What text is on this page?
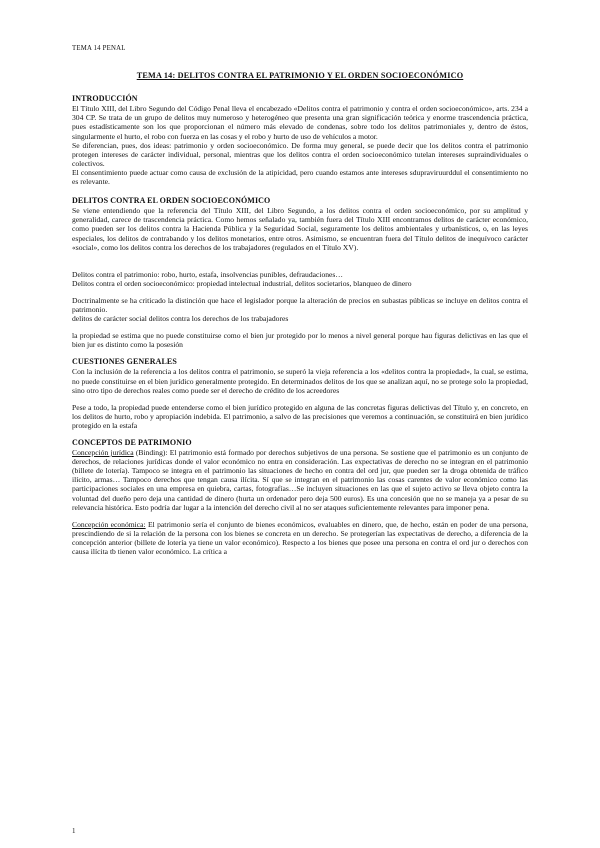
TEMA 14 PENAL
TEMA 14: DELITOS CONTRA EL PATRIMONIO Y EL ORDEN SOCIOECONÓMICO
INTRODUCCIÓN

El Título XIII, del Libro Segundo del Código Penal lleva el encabezado «Delitos contra el patrimonio y contra el orden socioeconómico», arts. 234 a 304 CP. Se trata de un grupo de delitos muy numeroso y heterogéneo que presenta una gran significación teórica y enorme trascendencia práctica, pues estadísticamente son los que proporcionan el número más elevado de condenas, sobre todo los delitos patrimoniales y, dentro de éstos, singularmente el hurto, el robo con fuerza en las cosas y el robo y hurto de uso de vehículos a motor.

Se diferencian, pues, dos ideas: patrimonio y orden socioeconómico. De forma muy general, se puede decir que los delitos contra el patrimonio protegen intereses de carácter individual, personal, mientras que los delitos contra el orden socioeconómico tutelan intereses supraindividuales o colectivos.

El consentimiento puede actuar como causa de exclusión de la atipicidad, pero cuando estamos ante intereses sdupraviruurddul el consentimiento no es relevante.

DELITOS CONTRA EL ORDEN SOCIOECONÓMICO

Se viene entendiendo que la referencia del Título XIII, del Libro Segundo, a los delitos contra el orden socioeconómico, por su amplitud y generalidad, carece de trascendencia práctica. Como hemos señalado ya, también fuera del Título XIII encontramos delitos de carácter económico, como pueden ser los delitos contra la Hacienda Pública y la Seguridad Social, seguramente los delitos ambientales y urbanísticos, o, en las leyes especiales, los delitos de contrabando y los delitos monetarios, entre otros. Asimismo, se encuentran fuera del Título delitos de inequívoco carácter «social», como los delitos contra los derechos de los trabajadores (regulados en el Título XV).

Delitos contra el patrimonio: robo, hurto, estafa, insolvencias punibles, defraudaciones…

Delitos contra el orden socioeconómico: propiedad intelectual industrial, delitos societarios, blanqueo de dinero

Doctrinalmente se ha criticado la distinción que hace el legislador porque la alteración de precios en subastas públicas se incluye en delitos contra el patrimonio.

delitos de carácter social delitos contra los derechos de los trabajadores

la propiedad se estima que no puede constituirse como el bien jur protegido por lo menos a nivel general porque hau figuras delictivas en las que el bien jur es distinto como la posesión

CUESTIONES GENERALES

Con la inclusión de la referencia a los delitos contra el patrimonio, se superó la vieja referencia a los «delitos contra la propiedad», la cual, se estima, no puede constituirse en el bien jurídico generalmente protegido. En determinados delitos de los que se analizan aquí, no se protege solo la propiedad, sino otro tipo de derechos reales como puede ser el derecho de crédito de los acreedores

Pese a todo, la propiedad puede entenderse como el bien jurídico protegido en alguna de las concretas figuras delictivas del Título y, en concreto, en los delitos de hurto, robo y apropiación indebida. El patrimonio, a salvo de las precisiones que veremos a continuación, se constituirá en bien jurídico protegido en la estafa

CONCEPTOS DE PATRIMONIO

Concepción jurídica (Binding): El patrimonio está formado por derechos subjetivos de una persona. Se sostiene que el patrimonio es un conjunto de derechos, de relaciones jurídicas donde el valor económico no entra en consideración. Las expectativas de derecho no se integran en el patrimonio (billete de lotería). Tampoco se integra en el patrimonio las situaciones de hecho en contra del ord jur, que pueden ser la droga obtenida de tráfico ilícito, armas… Tampoco derechos que tengan causa ilícita. Sí que se integran en el patrimonio las cosas carentes de valor económico como las participaciones sociales en una empresa en quiebra, cartas, fotografías…Se incluyen situaciones en las que el sujeto activo se lleva objeto contra la voluntad del dueño pero deja una cantidad de dinero (hurta un ordenador pero deja 500 euros). Es una concesión que no se maneja ya a pesar de su relevancia histórica. Esto podría dar lugar a la intención del derecho civil al no ser ataques suficientemente relevantes para imponer pena.

Concepción económica: El patrimonio sería el conjunto de bienes económicos, evaluables en dinero, que, de hecho, están en poder de una persona, prescindiendo de si la relación de la persona con los bienes se concreta en un derecho. Se protegerían las expectativas de derecho, a diferencia de la concepción anterior (billete de lotería ya tiene un valor económico). Respecto a los bienes que posee una persona en contra el ord jur o derechos con causa ilícita tb tienen valor económico. La crítica a

1
